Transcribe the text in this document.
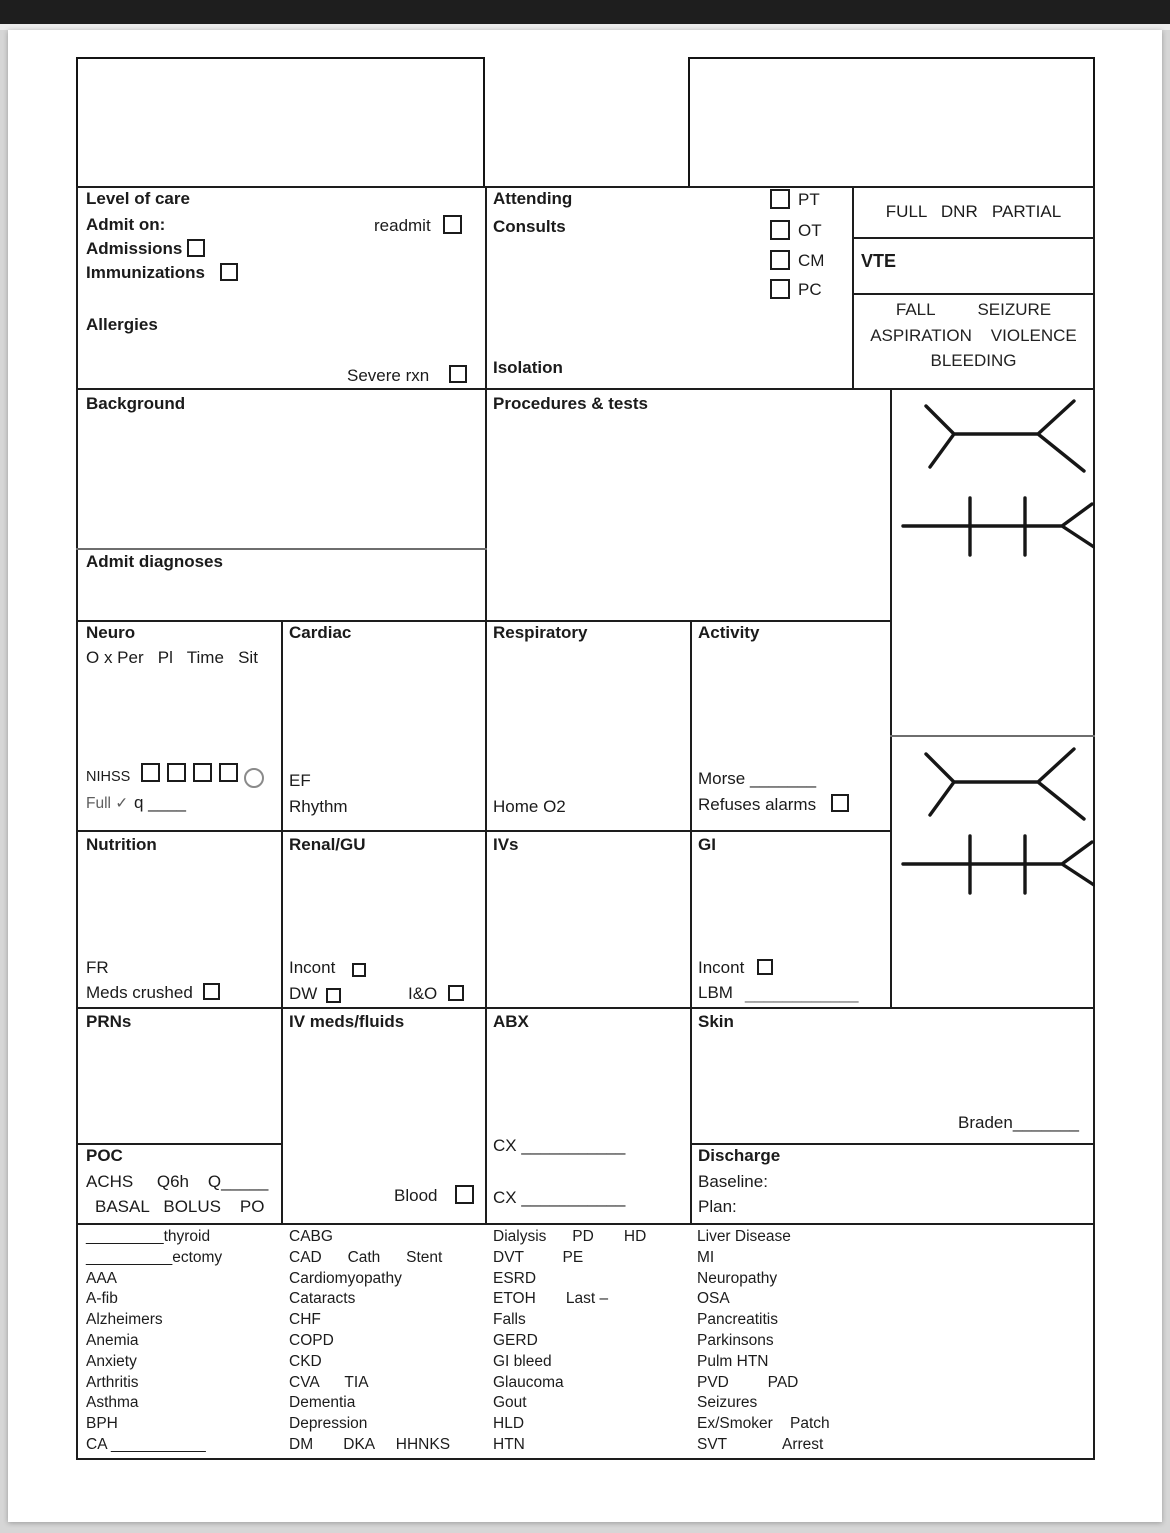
Level of care
Admit on:	readmit
Admissions
Immunizations
Allergies
Severe rxn
Attending
Consults
PT
OT
CM
PC
Isolation
FULL   DNR   PARTIAL
VTE
FALL         SEIZURE
ASPIRATION    VIOLENCE
BLEEDING
Background
Admit diagnoses
Procedures & tests
Neuro
O x Per   Pl   Time   Sit
NIHSS
Full ✓ q ____
Cardiac
EF
Rhythm
Respiratory
Home O2
Activity
Morse _______
Refuses alarms
Nutrition
FR
Meds crushed
Renal/GU
Incont
DW	I&O
IVs	GI
Incont
LBM ____________
PRNs
POC
ACHS     Q6h    Q_____
BASAL   BOLUS    PO
IV meds/fluids
Blood
ABX
CX ___________
CX ___________
Skin
Braden_______
Discharge
Baseline:
Plan:
_________thyroid
__________ectomy
AAA
A-fib
Alzheimers
Anemia
Anxiety
Arthritis
Asthma
BPH
CA ___________
CABG
CAD      Cath      Stent
Cardiomyopathy
Cataracts
CHF
COPD
CKD
CVA      TIA
Dementia
Depression
DM       DKA     HHNKS
Dialysis      PD       HD
DVT         PE
ESRD
ETOH       Last –
Falls
GERD
GI bleed
Glaucoma
Gout
HLD
HTN
Liver Disease
MI
Neuropathy
OSA
Pancreatitis
Parkinsons
Pulm HTN
PVD         PAD
Seizures
Ex/Smoker    Patch
SVT             Arrest
